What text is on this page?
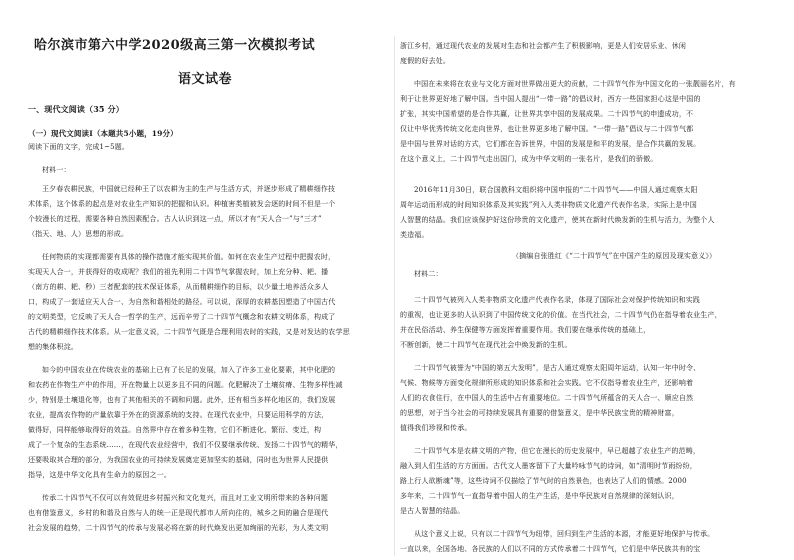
哈尔滨市第六中学2020级高三第一次模拟考试
语文试卷
一、现代文阅读（35 分）
（一）现代文阅读Ⅰ（本题共5小题，19分）
阅读下面的文字，完成1~5题。
材料一：
王夕春农耕民族，中国就已经种王了以农耕为主的生产与生活方式，并逐步形成了精耕细作技
术体系，这个体系的起点是对农业生产知识的把握和认识。种植害类植被发会逐的时间不但是一个
个较漫长的过程，需要各种自然因素配合。古人认识到这一点，所以才有“天人合一”与“三才”
（指天、地、人）思想的形成。
任何物质的实现都需要有具体的操作措施才能实现其价值。如何在农业生产过程中把握农时，
实现天人合一，并获得好的收成呢？我们的祖先利用二十四节气掌握农时，加上充分种、耙、播
（南方的耕、耙、秒）三者配套的技术保证体系，从而精耕细作的目标，以少量土地养活众多人
口，构成了一套适应天人合一、为自然和谐相处的路径。可以说，深厚的农耕基因塑造了中国古代
的文明类型，它反映了天人合一哲学的生产，远而辛劳了二十四节气概念和农耕文明体系，构成了
古代的精耕细作技术体系。从一定意义说，二十四节气既是合理利用农时的实践，又是对发达的农学思
想的集体积淀。
如今的中国农业在传统农业的基础上已有了长足的发展，加入了许多工业化要素，其中化肥的
和农药在作物生产中的作用，开在物量上以更多且不同的问题。化肥解决了土壤贫瘠、生物多样性减
少，特别是土壤退化等，也有了其他相关的不调和问题。此外，还有相当多样化地区的，我们发展
农业，提高农作物的产量依靠于外在的资源系统的支持。在现代农业中，只要运用科学的方法，
做得好，同样能够取得好的效益。自然界中存在着多种生物，它们不断进化、繁衍、变迁，构
成了一个复杂的生态系统……，在现代农业经营中，我们不仅要继承传统、发扬二十四节气的精华，
还要吸取其合理的部分，为我国农业的可持续发展奠定更加坚实的基础，同时也为世界人民提供
指导，这是中华文化具有生命力的原因之一。
传承二十四节气不仅可以有效促进乡村振兴和文化复兴，而且对工业文明所带来的各种问题
也有借鉴意义，乡村的和谐及自然与人的统一正是现代都市人所向往的，城乡之间的融合是现代
社会发展的趋势，二十四节气的传承与发展必将在新的时代焕发出更加绚丽的光彩，为人类文明
浙江乡村，通过现代农业的发展对生态和社会都产生了积极影响，更是人们安居乐业、休闲
度假的好去处。
中国在未来将在农业与文化方面对世界做出更大的贡献，二十四节气作为中国文化的一张靓丽名片，有
利于让世界更好地了解中国。当中国人提出“一带一路”的倡议时，西方一些国家担心这是中国的
扩张，其实中国希望的是合作共赢，让世界共享中国的发展成果。二十四节气的申遗成功，不
仅让中华优秀传统文化走向世界，也让世界更多地了解中国。“一带一路”倡议与二十四节气都
是中国与世界对话的方式，它们都在告诉世界，中国的发展是和平的发展，是合作共赢的发展。
在这个意义上，二十四节气走出国门，成为中华文明的一张名片，是我们的骄傲。
2016年11月30日，联合国教科文组织将中国申报的“二十四节气——中国人通过观察太阳
周年运动而形成的时间知识体系及其实践”列入人类非物质文化遗产代表作名录，实际上是中国
人智慧的结晶。我们应该保护好这份珍贵的文化遗产，使其在新时代焕发新的生机与活力，为整个人
类造福。
（摘编自张胜红《“二十四节气”在中国产生的原因及现实意义》）
材料二：
二十四节气被列入人类非物质文化遗产代表作名录，体现了国际社会对保护传统知识和实践
的重视，也让更多的人认识到了中国传统文化的价值。在当代社会，二十四节气仍在指导着农业生产，
并在民俗活动、养生保健等方面发挥着重要作用。我们要在继承传统的基础上，
不断创新，使二十四节气在现代社会中焕发新的生机。
二十四节气被誉为“中国的第五大发明”，是古人通过观察太阳周年运动，认知一年中时令、
气候、物候等方面变化规律所形成的知识体系和社会实践。它不仅指导着农业生产，还影响着
人们的衣食住行，在中国人的生活中占有重要地位。二十四节气所蕴含的天人合一、顺应自然
的思想，对于当今社会的可持续发展具有重要的借鉴意义，是中华民族宝贵的精神财富，
值得我们珍视和传承。
二十四节气本是农耕文明的产物，但它在漫长的历史发展中，早已超越了农业生产的范畴，
融入到人们生活的方方面面。古代文人墨客留下了大量吟咏节气的诗词，如“清明时节雨纷纷，
路上行人欲断魂”等，这些诗词不仅描绘了节气时的自然景色，也表达了人们的情感。2000
多年来，二十四节气一直指导着中国人的生产生活，是中华民族对自然规律的深刻认识，
是古人智慧的结晶。
从这个意义上说，只有以二十四节气为纽带，回归到生产生活的本源，才能更好地保护与传承。
一直以来，全国各地、各民族的人们以不同的方式传承着二十四节气，它们是中华民族共有的宝
